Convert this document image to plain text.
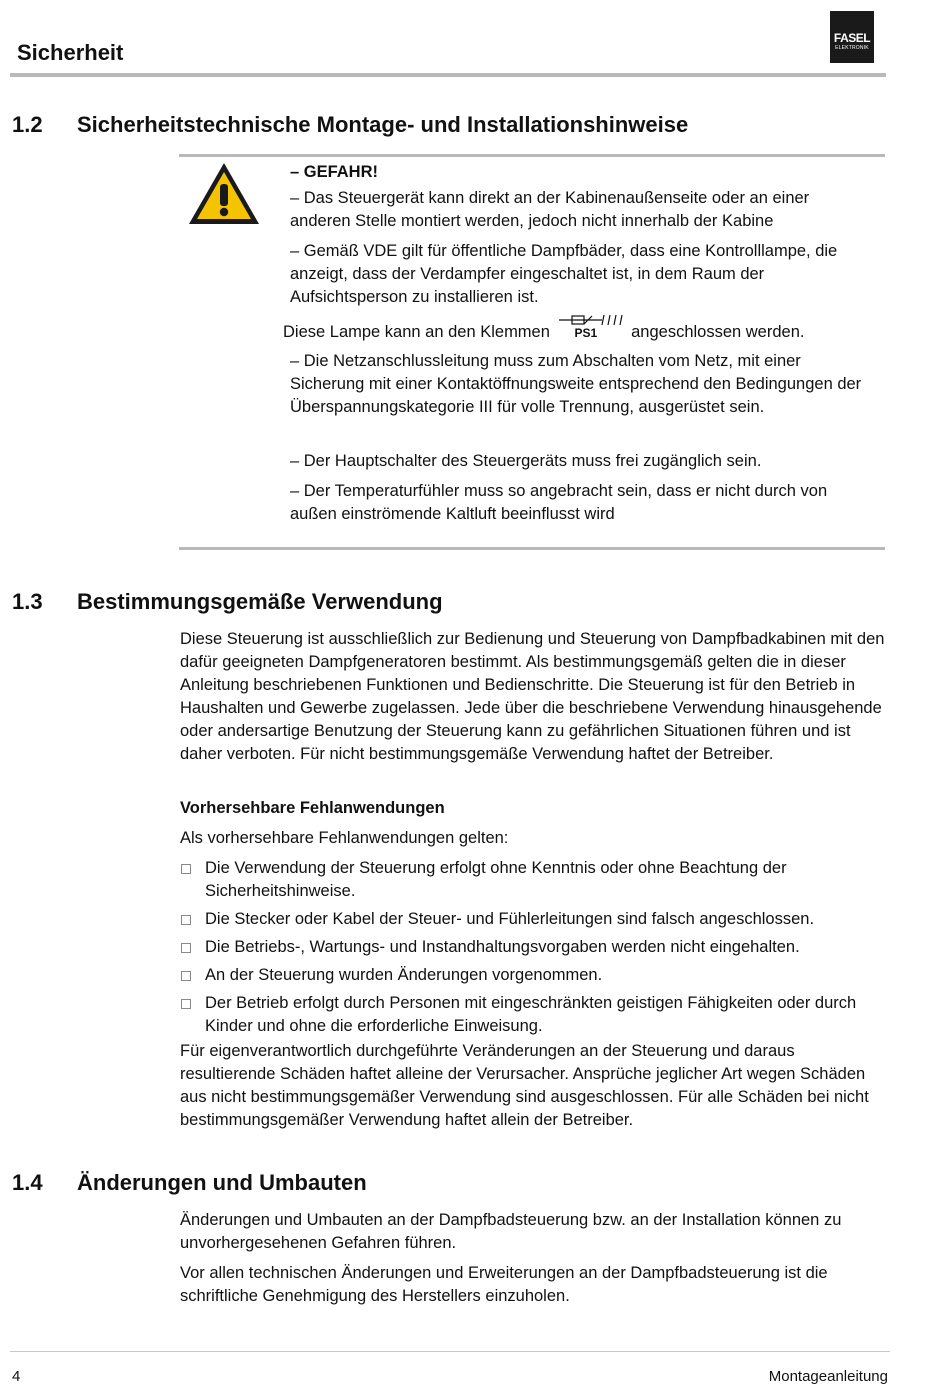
Sicherheit
FASEL
ELEKTRONIK
1.2 Sicherheitstechnische Montage- und Installationshinweise
– GEFAHR!
– Das Steuergerät kann direkt an der Kabinenaußenseite oder an einer anderen Stelle montiert werden, jedoch nicht innerhalb der Kabine
– Gemäß VDE gilt für öffentliche Dampfbäder, dass eine Kontrolllampe, die anzeigt, dass der Verdampfer eingeschaltet ist, in dem Raum der Aufsichtsperson zu installieren ist.
Diese Lampe kann an den Klemmen PS1 angeschlossen werden.
– Die Netzanschlussleitung muss zum Abschalten vom Netz, mit einer Sicherung mit einer Kontaktöffnungsweite entsprechend den Bedingungen der Überspannungskategorie III für volle Trennung, ausgerüstet sein.
– Der Hauptschalter des Steuergeräts muss frei zugänglich sein.
– Der Temperaturfühler muss so angebracht sein, dass er nicht durch von außen einströmende Kaltluft beeinflusst wird
1.3 Bestimmungsgemäße Verwendung
Diese Steuerung ist ausschließlich zur Bedienung und Steuerung von Dampfbadkabinen mit den dafür geeigneten Dampfgeneratoren bestimmt. Als bestimmungsgemäß gelten die in dieser Anleitung beschriebenen Funktionen und Bedienschritte. Die Steuerung ist für den Betrieb in Haushalten und Gewerbe zugelassen. Jede über die beschriebene Verwendung hinausgehende oder andersartige Benutzung der Steuerung kann zu gefährlichen Situationen führen und ist daher verboten. Für nicht bestimmungsgemäße Verwendung haftet der Betreiber.
Vorhersehbare Fehlanwendungen
Als vorhersehbare Fehlanwendungen gelten:
Die Verwendung der Steuerung erfolgt ohne Kenntnis oder ohne Beachtung der Sicherheitshinweise.
Die Stecker oder Kabel der Steuer- und Fühlerleitungen sind falsch angeschlossen.
Die Betriebs-, Wartungs- und Instandhaltungsvorgaben werden nicht eingehalten.
An der Steuerung wurden Änderungen vorgenommen.
Der Betrieb erfolgt durch Personen mit eingeschränkten geistigen Fähigkeiten oder durch Kinder und ohne die erforderliche Einweisung.
Für eigenverantwortlich durchgeführte Veränderungen an der Steuerung und daraus resultierende Schäden haftet alleine der Verursacher. Ansprüche jeglicher Art wegen Schäden aus nicht bestimmungsgemäßer Verwendung sind ausgeschlossen. Für alle Schäden bei nicht bestimmungsgemäßer Verwendung haftet allein der Betreiber.
1.4 Änderungen und Umbauten
Änderungen und Umbauten an der Dampfbadsteuerung bzw. an der Installation können zu unvorhergesehenen Gefahren führen.
Vor allen technischen Änderungen und Erweiterungen an der Dampfbadsteuerung ist die schriftliche Genehmigung des Herstellers einzuholen.
4	Montageanleitung
